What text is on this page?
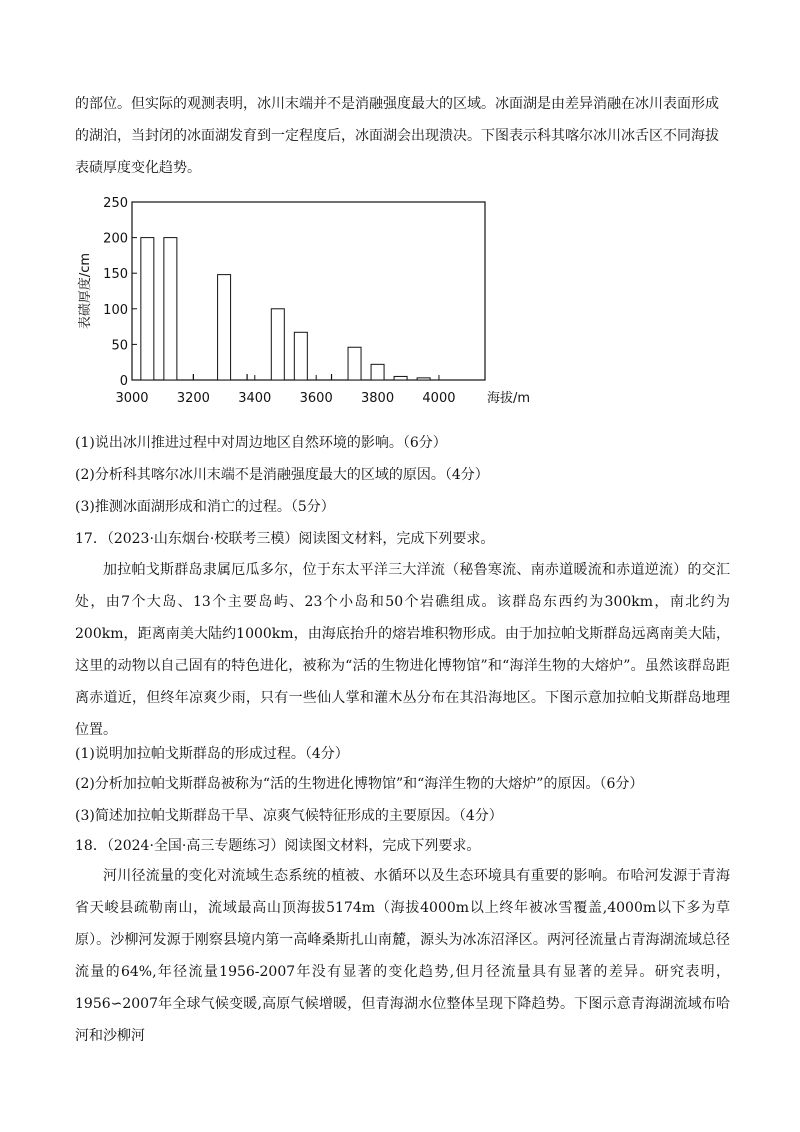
的部位。但实际的观测表明，冰川末端并不是消融强度最大的区域。冰面湖是由差异消融在冰川表面形成的湖泊，当封闭的冰面湖发育到一定程度后，冰面湖会出现溃决。下图表示科其喀尔冰川冰舌区不同海拔表碛厚度变化趋势。

0
50
100
150
200
250
3000 3200 3400 3600 3800 4000 海拔/m
表碛厚度/cm

(1)说出冰川推进过程中对周边地区自然环境的影响。（6分）

(2)分析科其喀尔冰川末端不是消融强度最大的区域的原因。（4分）

(3)推测冰面湖形成和消亡的过程。（5分）

17．（2023·山东烟台·校联考三模）阅读图文材料，完成下列要求。

加拉帕戈斯群岛隶属厄瓜多尔，位于东太平洋三大洋流（秘鲁寒流、南赤道暖流和赤道逆流）的交汇处，由7个大岛、13个主要岛屿、23个小岛和50个岩礁组成。该群岛东西约为300km，南北约为200km，距离南美大陆约1000km，由海底抬升的熔岩堆积物形成。由于加拉帕戈斯群岛远离南美大陆，这里的动物以自己固有的特色进化，被称为“活的生物进化博物馆”和“海洋生物的大熔炉”。虽然该群岛距离赤道近，但终年凉爽少雨，只有一些仙人掌和灌木丛分布在其沿海地区。下图示意加拉帕戈斯群岛地理位置。

(1)说明加拉帕戈斯群岛的形成过程。（4分）

(2)分析加拉帕戈斯群岛被称为“活的生物进化博物馆”和“海洋生物的大熔炉”的原因。（6分）

(3)简述加拉帕戈斯群岛干旱、凉爽气候特征形成的主要原因。（4分）

18．（2024·全国·高三专题练习）阅读图文材料，完成下列要求。

河川径流量的变化对流域生态系统的植被、水循环以及生态环境具有重要的影响。布哈河发源于青海省天峻县疏勒南山，流域最高山顶海拔5174m（海拔4000m以上终年被冰雪覆盖,4000m以下多为草原）。沙柳河发源于刚察县境内第一高峰桑斯扎山南麓，源头为冰冻沼泽区。两河径流量占青海湖流域总径流量的64%,年径流量1956-2007年没有显著的变化趋势,但月径流量具有显著的差异。研究表明，1956∽2007年全球气候变暖,高原气候增暖，但青海湖水位整体呈现下降趋势。下图示意青海湖流域布哈河和沙柳河
